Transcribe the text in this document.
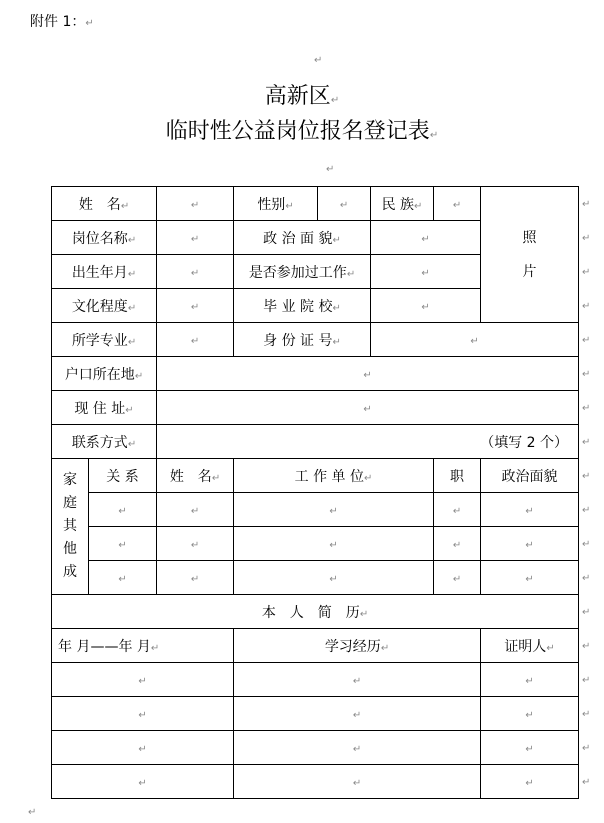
附件 1：↵
↵
高新区↵
临时性公益岗位报名登记表↵
↵
姓　名↵		↵	性别↵	↵	民 族↵	↵	照
片

岗位名称↵		↵	政 治 面 貌↵		↵		
出生年月↵		↵	是否参加过工作↵		↵		
文化程度↵		↵	毕 业 院 校↵		↵		
所学专业↵		↵	身 份 证 号↵		↵		
户口所在地↵		↵					
现 住 址↵		↵					
联系方式↵		（填写 2 个）					

家
庭
其
他
成	关 系	姓　名↵	工 作 单 位↵			职	政治面貌
	↵	↵	↵			↵	↵
	↵	↵	↵			↵	↵
	↵	↵	↵			↵	↵
本　人　简　历↵							
年 月——年 月↵			学习经历↵				证明人↵
↵			↵				↵
↵			↵				↵
↵			↵				↵
↵			↵				↵
↵
↵
↵
↵
↵
↵
↵
↵
↵
↵
↵
↵
↵
↵
↵
↵
↵
↵
↵
